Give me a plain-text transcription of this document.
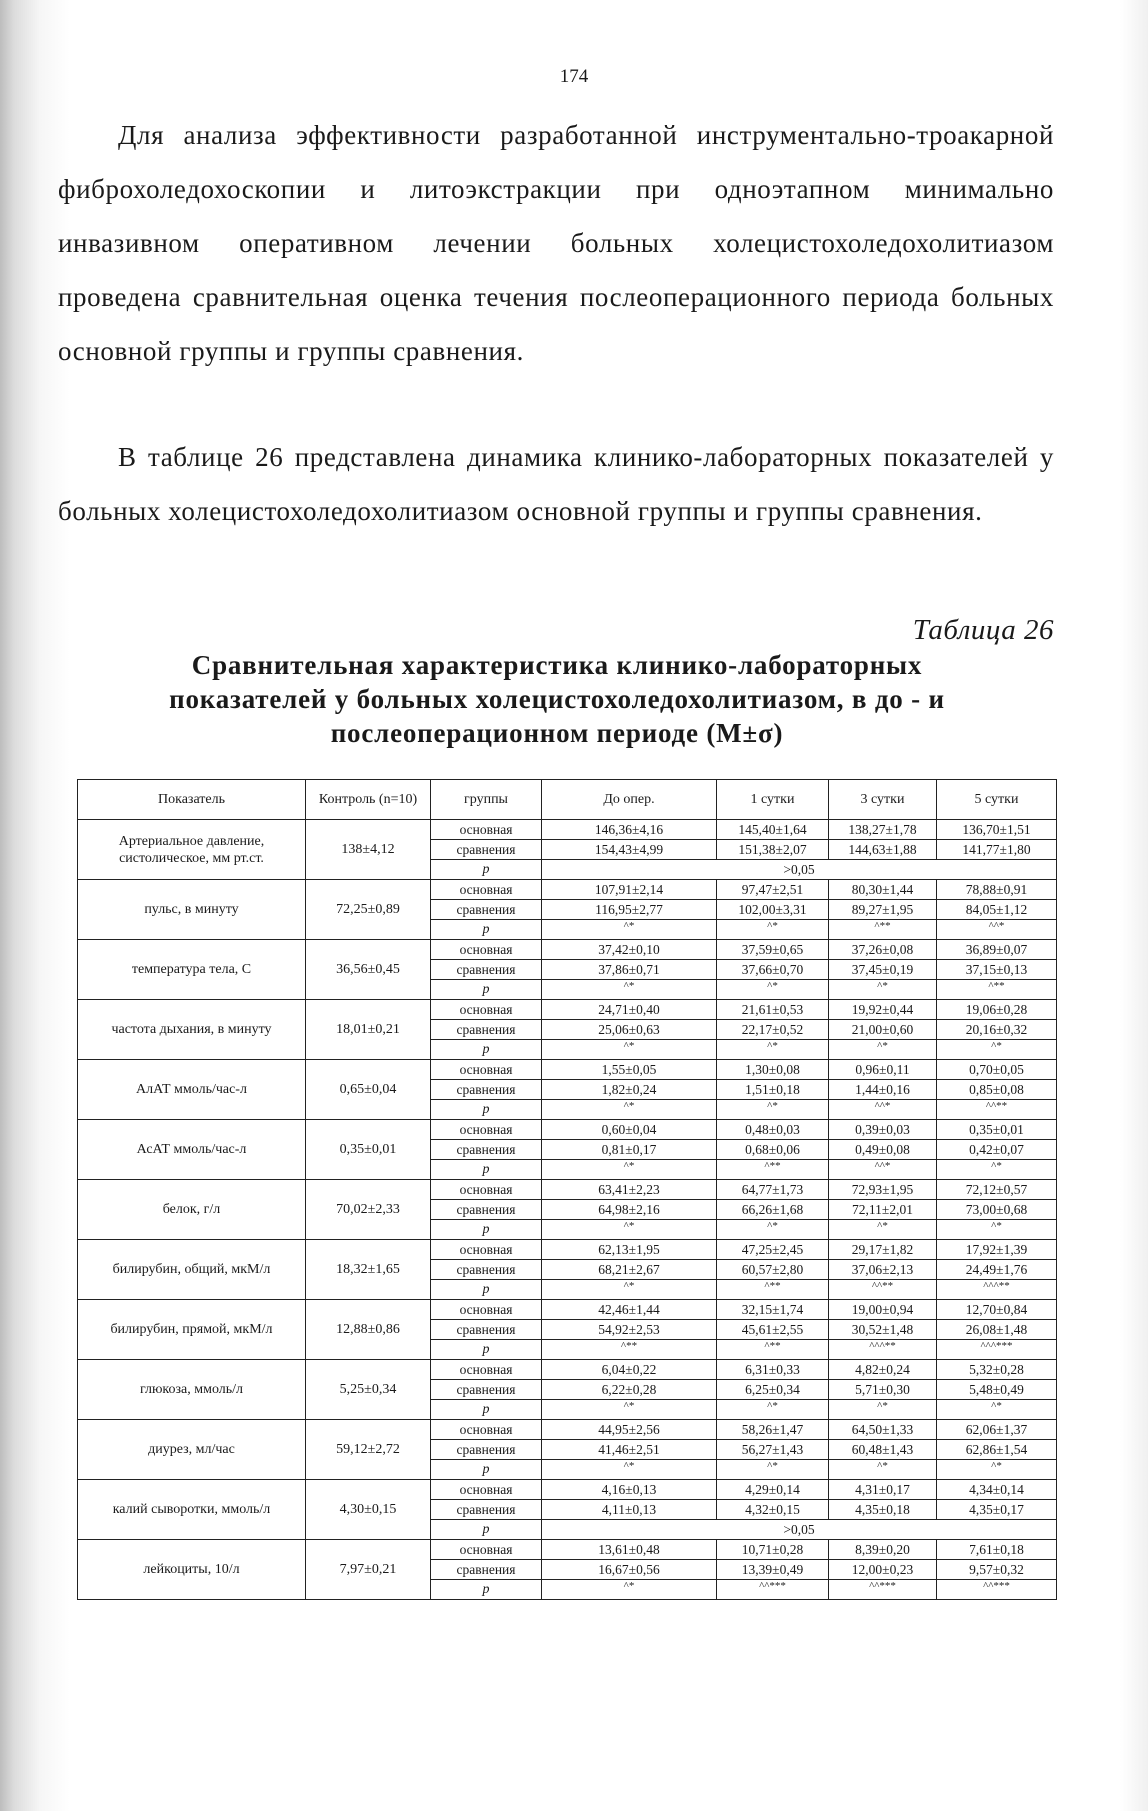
174

Для анализа эффективности разработанной инструментально-троакарной фиброхоледохоскопии и литоэкстракции при одноэтапном минимально инвазивном оперативном лечении больных холецистохоледохолитиазом проведена сравнительная оценка течения послеоперационного периода больных основной группы и группы сравнения.

В таблице 26 представлена динамика клинико-лабораторных показателей у больных холецистохоледохолитиазом основной группы и группы сравнения.

Таблица 26
Сравнительная характеристика клинико-лабораторных
показателей у больных холецистохоледохолитиазом, в до - и
послеоперационном периоде (M±σ)
Показатель	Контроль (n=10)	группы	До опер.	1 сутки	3 сутки	5 сутки
Артериальное давление, систолическое, мм рт.ст.	138±4,12	основная	146,36±4,16	145,40±1,64	138,27±1,78	136,70±1,51
		сравнения	154,43±4,99	151,38±2,07	144,63±1,88	141,77±1,80
		p	>0,05			
пульс, в минуту	72,25±0,89	основная	107,91±2,14	97,47±2,51	80,30±1,44	78,88±0,91
		сравнения	116,95±2,77	102,00±3,31	89,27±1,95	84,05±1,12
		p	^*	^*	^**	^^*
температура тела, С	36,56±0,45	основная	37,42±0,10	37,59±0,65	37,26±0,08	36,89±0,07
		сравнения	37,86±0,71	37,66±0,70	37,45±0,19	37,15±0,13
		p	^*	^*	^*	^**
частота дыхания, в минуту	18,01±0,21	основная	24,71±0,40	21,61±0,53	19,92±0,44	19,06±0,28
		сравнения	25,06±0,63	22,17±0,52	21,00±0,60	20,16±0,32
		p	^*	^*	^*	^*
АлАТ ммоль/час-л	0,65±0,04	основная	1,55±0,05	1,30±0,08	0,96±0,11	0,70±0,05
		сравнения	1,82±0,24	1,51±0,18	1,44±0,16	0,85±0,08
		p	^*	^*	^^*	^^**
АсАТ ммоль/час-л	0,35±0,01	основная	0,60±0,04	0,48±0,03	0,39±0,03	0,35±0,01
		сравнения	0,81±0,17	0,68±0,06	0,49±0,08	0,42±0,07
		p	^*	^**	^^*	^*
белок, г/л	70,02±2,33	основная	63,41±2,23	64,77±1,73	72,93±1,95	72,12±0,57
		сравнения	64,98±2,16	66,26±1,68	72,11±2,01	73,00±0,68
		p	^*	^*	^*	^*
билирубин, общий, мкМ/л	18,32±1,65	основная	62,13±1,95	47,25±2,45	29,17±1,82	17,92±1,39
		сравнения	68,21±2,67	60,57±2,80	37,06±2,13	24,49±1,76
		p	^*	^**	^^**	^^^**
билирубин, прямой, мкМ/л	12,88±0,86	основная	42,46±1,44	32,15±1,74	19,00±0,94	12,70±0,84
		сравнения	54,92±2,53	45,61±2,55	30,52±1,48	26,08±1,48
		p	^**	^**	^^^**	^^^***
глюкоза, ммоль/л	5,25±0,34	основная	6,04±0,22	6,31±0,33	4,82±0,24	5,32±0,28
		сравнения	6,22±0,28	6,25±0,34	5,71±0,30	5,48±0,49
		p	^*	^*	^*	^*
диурез, мл/час	59,12±2,72	основная	44,95±2,56	58,26±1,47	64,50±1,33	62,06±1,37
		сравнения	41,46±2,51	56,27±1,43	60,48±1,43	62,86±1,54
		p	^*	^*	^*	^*
калий сыворотки, ммоль/л	4,30±0,15	основная	4,16±0,13	4,29±0,14	4,31±0,17	4,34±0,14
		сравнения	4,11±0,13	4,32±0,15	4,35±0,18	4,35±0,17
		p	>0,05			
лейкоциты, 10/л	7,97±0,21	основная	13,61±0,48	10,71±0,28	8,39±0,20	7,61±0,18
		сравнения	16,67±0,56	13,39±0,49	12,00±0,23	9,57±0,32
		p	^*	^^***	^^***	^^***
